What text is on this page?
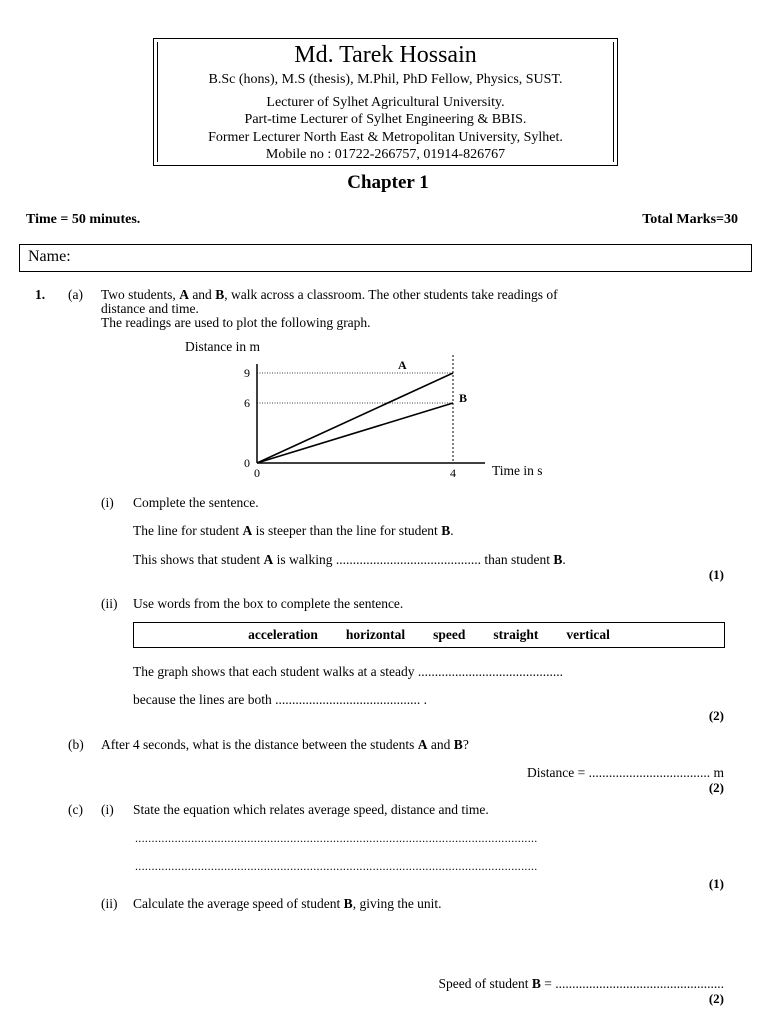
Md. Tarek Hossain
B.Sc (hons), M.S (thesis), M.Phil, PhD Fellow, Physics, SUST.
Lecturer of Sylhet Agricultural University.
Part-time Lecturer of Sylhet Engineering & BBIS.
Former Lecturer North East & Metropolitan University, Sylhet.
Mobile no : 01722-266757, 01914-826767
Chapter 1
Time = 50 minutes.	Total Marks=30
Name:
1. (a) Two students, A and B, walk across a classroom. The other students take readings of
distance and time.
The readings are used to plot the following graph.
Distance in m
Time in s
0
6
9
0	4
A
B
(i) Complete the sentence.
The line for student A is steeper than the line for student B.
This shows that student A is walking ........................................... than student B.
(1)
(ii) Use words from the box to complete the sentence.
acceleration horizontal speed straight vertical
The graph shows that each student walks at a steady ...........................................
because the lines are both ........................................... .
(2)
(b) After 4 seconds, what is the distance between the students A and B?
Distance = .................................... m
(2)
(c) (i) State the equation which relates average speed, distance and time.
..........................................................................................................................
..........................................................................................................................
(1)
(ii) Calculate the average speed of student B, giving the unit.
Speed of student B = ..................................................
(2)
